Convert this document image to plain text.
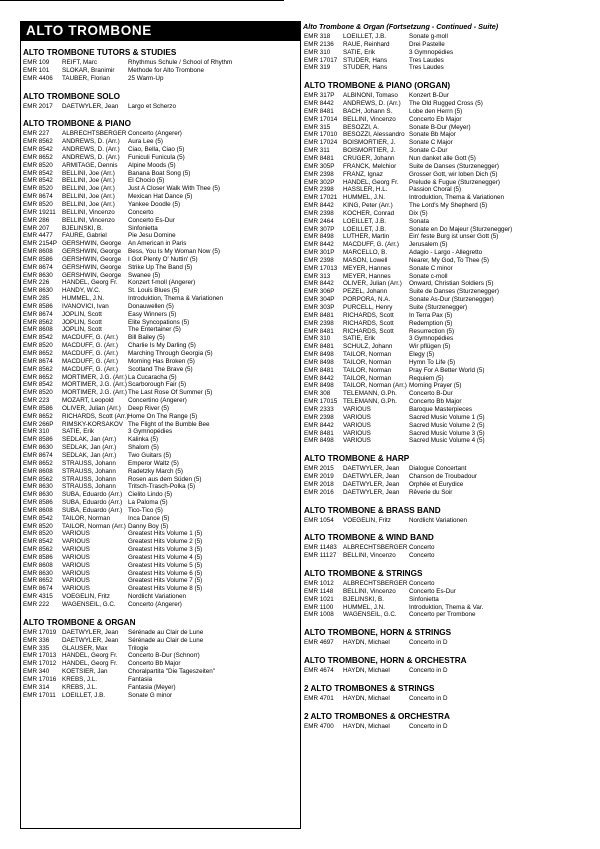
ALTO TROMBONE
ALTO TROMBONE TUTORS & STUDIES
EMR 109	REIFT, Marc	Rhythmus Schule / School of Rhythm
EMR 101	SLOKAR, Branimir	Methode for Alto Trombone
EMR 4406	TAUBER, Florian	25 Warm-Up
ALTO TROMBONE SOLO
EMR 2017	DAETWYLER, Jean	Largo et Scherzo
ALTO TROMBONE & PIANO
EMR 227	ALBRECHTSBERGER Concerto (Angerer)
EMR 8562	ANDREWS, D. (Arr.)	Aura Lee (5)
EMR 8542	ANDREWS, D. (Arr.)	Ciao, Bella, Ciao (5)
EMR 8652	ANDREWS, D. (Arr.)	Funiculi Funicula (5)
EMR 8520	ARMITAGE, Dennis	Alpine Moods (5)
EMR 8542	BELLINI, Joe (Arr.)	Banana Boat Song (5)
EMR 8542	BELLINI, Joe (Arr.)	El Chocio (5)
EMR 8520	BELLINI, Joe (Arr.)	Just A Closer Walk With Thee (5)
EMR 8674	BELLINI, Joe (Arr.)	Mexican Hat Dance (5)
EMR 8520	BELLINI, Joe (Arr.)	Yankee Doodle (5)
EMR 19211 BELLINI, Vincenzo	Concerto
EMR 286	BELLINI, Vincenzo	Concerto Es-Dur
EMR 207	BJELINSKI, B.	Sinfonietta
EMR 4477	FAURE, Gabriel	Pie Jesu Domine
EMR 2154P GERSHWIN, George	An American in Paris
EMR 8608	GERSHWIN, George	Bess, You Is My Woman Now (5)
EMR 8586	GERSHWIN, George	I Got Plenty O' Nuttin' (5)
EMR 8674	GERSHWIN, George	Strike Up The Band (5)
EMR 8630	GERSHWIN, George	Swanee (5)
EMR 226	HÄNDEL, Georg Fr.	Konzert f-moll (Angerer)
EMR 8630	HANDY, W.C.	St. Louis Blues (5)
EMR 285	HUMMEL, J.N.	Introduktion, Thema & Variationen
EMR 8586	IVANOVICI, Ivan	Donauwellen (5)
EMR 8674	JOPLIN, Scott	Easy Winners (5)
EMR 8562	JOPLIN, Scott	Elite Syncopations (5)
EMR 8608	JOPLIN, Scott	The Entertainer (5)
EMR 8542	MACDUFF, G. (Arr.)	Bill Bailey (5)
EMR 8520	MACDUFF, G. (Arr.)	Charlie Is My Darling (5)
EMR 8652	MACDUFF, G. (Arr.)	Marching Through Georgia (5)
EMR 8674	MACDUFF, G. (Arr.)	Morning Has Broken (5)
EMR 8562	MACDUFF, G. (Arr.)	Scotland The Brave (5)
EMR 8652	MORTIMER, J.G. (Arr.) La Cucaracha (5)
EMR 8542	MORTIMER, J.G. (Arr.) Scarborough Fair (5)
EMR 8520	MORTIMER, J.G. (Arr.) The Last Rose Of Summer (5)
EMR 223	MOZART, Leopold	Concertino (Angerer)
EMR 8586	OLIVER, Julian (Arr.)	Deep River (5)
EMR 8652	RICHARDS, Scott (Arr.) Home On The Range (5)
EMR 266P	RIMSKY-KORSAKOV The Flight of the Bumble Bee
EMR 310	SATIE, Erik	3 Gymnopédies
EMR 8586	SEDLAK, Jan (Arr.)	Kalinka (5)
EMR 8630	SEDLAK, Jan (Arr.)	Shalom (5)
EMR 8674	SEDLAK, Jan (Arr.)	Two Guitars (5)
EMR 8652	STRAUSS, Johann	Emperor Waltz (5)
EMR 8608	STRAUSS, Johann	Radetzky March (5)
EMR 8562	STRAUSS, Johann	Rosen aus dem Süden (5)
EMR 8630	STRAUSS, Johann	Tritsch-Trasch-Polka (5)
EMR 8630	SUBA, Eduardo (Arr.) Cielito Lindo (5)
EMR 8586	SUBA, Eduardo (Arr.) La Paloma (5)
EMR 8608	SUBA, Eduardo (Arr.) Tico-Tico (5)
EMR 8542	TAILOR, Norman	Inca Dance (5)
EMR 8520	TAILOR, Norman (Arr.) Danny Boy (5)
EMR 8520	VARIOUS	Greatest Hits Volume 1 (5)
EMR 8542	VARIOUS	Greatest Hits Volume 2 (5)
EMR 8562	VARIOUS	Greatest Hits Volume 3 (5)
EMR 8586	VARIOUS	Greatest Hits Volume 4 (5)
EMR 8608	VARIOUS	Greatest Hits Volume 5 (5)
EMR 8630	VARIOUS	Greatest Hits Volume 6 (5)
EMR 8652	VARIOUS	Greatest Hits Volume 7 (5)
EMR 8674	VARIOUS	Greatest Hits Volume 8 (5)
EMR 4315	VOEGELIN, Fritz	Nordlicht Variationen
EMR 222	WAGENSEIL, G.C.	Concerto (Angerer)
ALTO TROMBONE & ORGAN
EMR 17019 DAETWYLER, Jean	Sérénade au Clair de Lune
EMR 336	DAETWYLER, Jean	Sérénade au Clair de Lune
EMR 335	GLAUSER, Max	Trilogie
EMR 17013 HÄNDEL, Georg Fr.	Concerto B-Dur (Schnorr)
EMR 17012 HÄNDEL, Georg Fr.	Concerto Bb Major
EMR 340	KOETSIER, Jan	Choralpartita "Die Tageszeiten"
EMR 17016 KREBS, J.L.	Fantasia
EMR 314	KREBS, J.L.	Fantasia (Meyer)
EMR 17011 LOEILLET, J.B.	Sonate G minor
Alto Trombone & Organ (Fortsetzung - Continued - Suite)
EMR 318	LOEILLET, J.B.	Sonate g-moll
EMR 2136	RAUE, Reinhard	Drei Pastelle
EMR 310	SATIE, Erik	3 Gymnopédies
EMR 17017 STUDER, Hans	Tres Laudes
EMR 319	STUDER, Hans	Tres Laudes
ALTO TROMBONE & PIANO (ORGAN)
EMR 317P	ALBINONI, Tomaso	Konzert B-Dur
EMR 8442	ANDREWS, D. (Arr.)	The Old Rugged Cross (5)
EMR 8481	BACH, Johann S.	Lobe den Herrn (5)
EMR 17014 BELLINI, Vincenzo	Concerto Eb Major
EMR 315	BESOZZI, A.	Sonate B-Dur (Meyer)
EMR 17010 BESOZZI, Alessandro Sonate Bb Major
EMR 17024 BOISMORTIER, J.	Sonate C Major
EMR 311	BOISMORTIER, J.	Sonate C-Dur
EMR 8481	CRÜGER, Johann	Nun danket alle Gott (5)
EMR 305P	FRANCK, Melchior	Suite de Danses (Sturzenegger)
EMR 2398	FRANZ, Ignaz	Grosser Gott, wir loben Dich (5)
EMR 302P	HÄNDEL, Georg Fr.	Prelude & Fugue (Sturzenegger)
EMR 2398	HASSLER, H.L.	Passion Choral (5)
EMR 17021 HUMMEL, J.N.	Introduktion, Thema & Variationen
EMR 8442	KING, Peter (Arr.)	The Lord's My Shepherd (5)
EMR 2398	KOCHER, Conrad	Dix (5)
EMR 2464	LOEILLET, J.B.	Sonata
EMR 307P	LOEILLET, J.B.	Sonate en Do Majeur (Sturzenegger)
EMR 8498	LUTHER, Martin	Ein' feste Burg ist unser Gott (5)
EMR 8442	MACDUFF, G. (Arr.)	Jerusalem (5)
EMR 301P	MARCELLO, B.	Adagio - Largo - Allegretto
EMR 2398	MASON, Lowell	Nearer, My God, To Thee (5)
EMR 17013 MEYER, Hannes	Sonate C minor
EMR 313	MEYER, Hannes	Sonate c-moll
EMR 8442	OLIVER, Julian (Arr.)	Onward, Christian Soldiers (5)
EMR 306P	PEZEL, Johann	Suite de Danses (Sturzenegger)
EMR 304P	PORPORA, N.A.	Sonate As-Dur (Sturzenegger)
EMR 303P	PURCELL, Henry	Suite (Sturzenegger)
EMR 8481	RICHARDS, Scott	In Terra Pax (5)
EMR 2398	RICHARDS, Scott	Redemption (5)
EMR 8481	RICHARDS, Scott	Resurrection (5)
EMR 310	SATIE, Erik	3 Gymnopédies
EMR 8481	SCHULZ, Johann	Wir pflügen (5)
EMR 8498	TAILOR, Norman	Elegy (5)
EMR 8498	TAILOR, Norman	Hymn To Life (5)
EMR 8481	TAILOR, Norman	Pray For A Better World (5)
EMR 8442	TAILOR, Norman	Requiem (5)
EMR 8498	TAILOR, Norman (Arr.) Morning Prayer (5)
EMR 308	TELEMANN, G.Ph.	Concerto B-Dur
EMR 17015 TELEMANN, G.Ph.	Concerto Bb Major
EMR 2333	VARIOUS	Baroque Masterpieces
EMR 2398	VARIOUS	Sacred Music Volume 1 (5)
EMR 8442	VARIOUS	Sacred Music Volume 2 (5)
EMR 8481	VARIOUS	Sacred Music Volume 3 (5)
EMR 8498	VARIOUS	Sacred Music Volume 4 (5)
ALTO TROMBONE & HARP
EMR 2015	DAETWYLER, Jean	Dialogue Concertant
EMR 2019	DAETWYLER, Jean	Chanson de Troubadour
EMR 2018	DAETWYLER, Jean	Orphée et Eurydice
EMR 2016	DAETWYLER, Jean	Rêverie du Soir
ALTO TROMBONE & BRASS BAND
EMR 1054	VOEGELIN, Fritz	Nordlicht Variationen
ALTO TROMBONE & WIND BAND
EMR 11483 ALBRECHTSBERGER Concerto
EMR 11127	BELLINI, Vincenzo	Concerto
ALTO TROMBONE & STRINGS
EMR 1012	ALBRECHTSBERGER Concerto
EMR 1148	BELLINI, Vincenzo	Concerto Es-Dur
EMR 1021	BJELINSKI, B.	Sinfonietta
EMR 1100	HUMMEL, J.N.	Introduktion, Thema & Var.
EMR 1008	WAGENSEIL, G.C.	Concerto per Trombone
ALTO TROMBONE, HORN & STRINGS
EMR 4697	HAYDN, Michael	Concerto in D
ALTO TROMBONE, HORN & ORCHESTRA
EMR 4674	HAYDN, Michael	Concerto in D
2 ALTO TROMBONES & STRINGS
EMR 4701	HAYDN, Michael	Concerto in D
2 ALTO TROMBONES & ORCHESTRA
EMR 4700	HAYDN, Michael	Concerto in D
